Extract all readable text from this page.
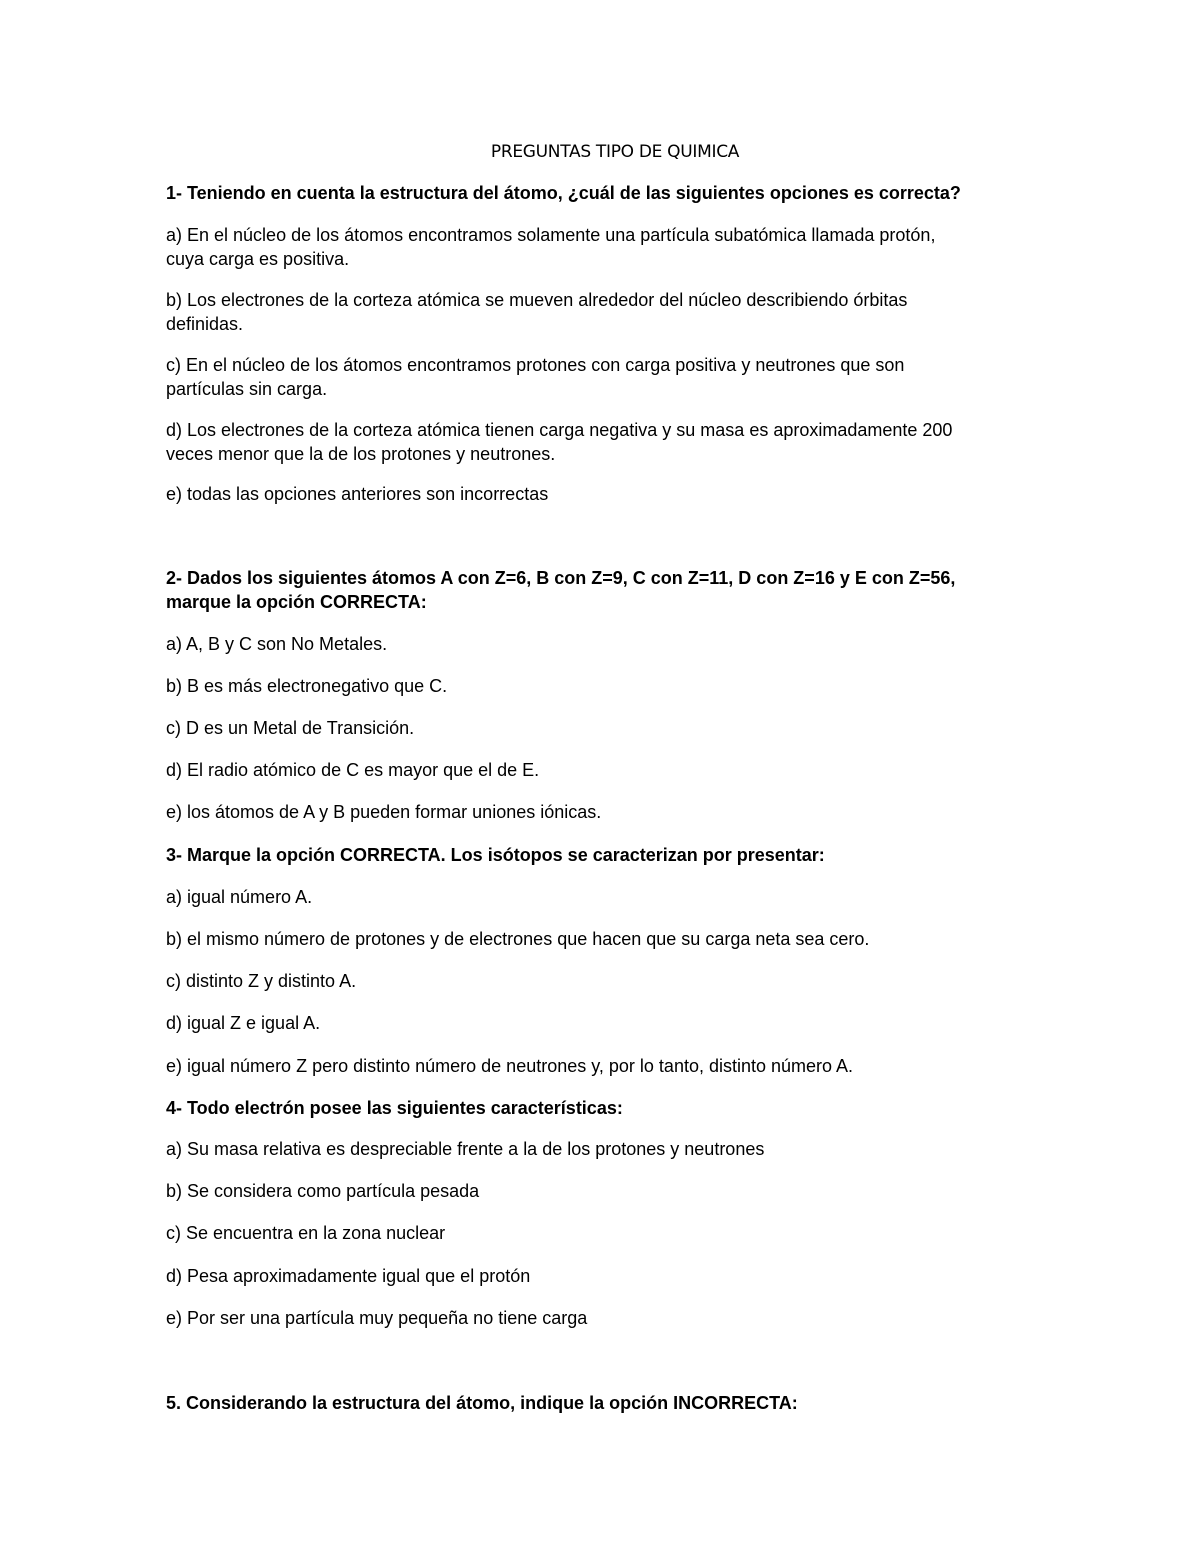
PREGUNTAS TIPO DE QUIMICA
1- Teniendo en cuenta la estructura del átomo, ¿cuál de las siguientes opciones es correcta?
a) En el núcleo de los átomos encontramos solamente una partícula subatómica llamada protón,
cuya carga es positiva.
b) Los electrones de la corteza atómica se mueven alrededor del núcleo describiendo órbitas
definidas.
c) En el núcleo de los átomos encontramos protones con carga positiva y neutrones que son
partículas sin carga.
d) Los electrones de la corteza atómica tienen carga negativa y su masa es aproximadamente 200
veces menor que la de los protones y neutrones.
e) todas las opciones anteriores son incorrectas
2- Dados los siguientes átomos A con Z=6, B con Z=9, C con Z=11, D con Z=16 y E con Z=56,
marque la opción CORRECTA:
a) A, B y C son No Metales.
b) B es más electronegativo que C.
c) D es un Metal de Transición.
d) El radio atómico de C es mayor que el de E.
e) los átomos de A y B pueden formar uniones iónicas.
3- Marque la opción CORRECTA. Los isótopos se caracterizan por presentar:
a) igual número A.
b) el mismo número de protones y de electrones que hacen que su carga neta sea cero.
c) distinto Z y distinto A.
d) igual Z e igual A.
e) igual número Z pero distinto número de neutrones y, por lo tanto, distinto número A.
4- Todo electrón posee las siguientes características:
a) Su masa relativa es despreciable frente a la de los protones y neutrones
b) Se considera como partícula pesada
c) Se encuentra en la zona nuclear
d) Pesa aproximadamente igual que el protón
e) Por ser una partícula muy pequeña no tiene carga
5. Considerando la estructura del átomo, indique la opción INCORRECTA:
